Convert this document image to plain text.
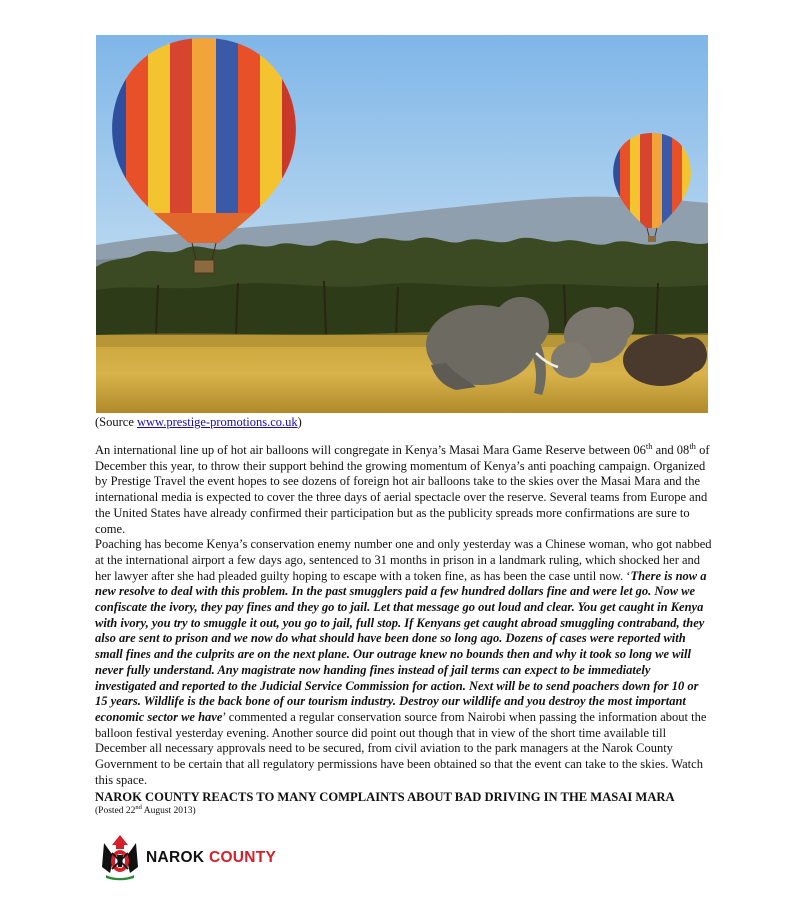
(Source www.prestige-promotions.co.uk)

An international line up of hot air balloons will congregate in Kenya’s Masai Mara Game Reserve between 06th and 08th of December this year, to throw their support behind the growing momentum of Kenya’s anti poaching campaign. Organized by Prestige Travel the event hopes to see dozens of foreign hot air balloons take to the skies over the Masai Mara and the international media is expected to cover the three days of aerial spectacle over the reserve. Several teams from Europe and the United States have already confirmed their participation but as the publicity spreads more confirmations are sure to come.

Poaching has become Kenya’s conservation enemy number one and only yesterday was a Chinese woman, who got nabbed at the international airport a few days ago, sentenced to 31 months in prison in a landmark ruling, which shocked her and her lawyer after she had pleaded guilty hoping to escape with a token fine, as has been the case until now. ‘There is now a new resolve to deal with this problem. In the past smugglers paid a few hundred dollars fine and were let go. Now we confiscate the ivory, they pay fines and they go to jail. Let that message go out loud and clear. You get caught in Kenya with ivory, you try to smuggle it out, you go to jail, full stop. If Kenyans get caught abroad smuggling contraband, they also are sent to prison and we now do what should have been done so long ago. Dozens of cases were reported with small fines and the culprits are on the next plane. Our outrage knew no bounds then and why it took so long we will never fully understand. Any magistrate now handing fines instead of jail terms can expect to be immediately investigated and reported to the Judicial Service Commission for action. Next will be to send poachers down for 10 or 15 years. Wildlife is the back bone of our tourism industry. Destroy our wildlife and you destroy the most important economic sector we have’ commented a regular conservation source from Nairobi when passing the information about the balloon festival yesterday evening. Another source did point out though that in view of the short time available till December all necessary approvals need to be secured, from civil aviation to the park managers at the Narok County Government to be certain that all regulatory permissions have been obtained so that the event can take to the skies. Watch this space.

NAROK COUNTY REACTS TO MANY COMPLAINTS ABOUT BAD DRIVING IN THE MASAI MARA
(Posted 22nd August 2013)
NAROK COUNTY
